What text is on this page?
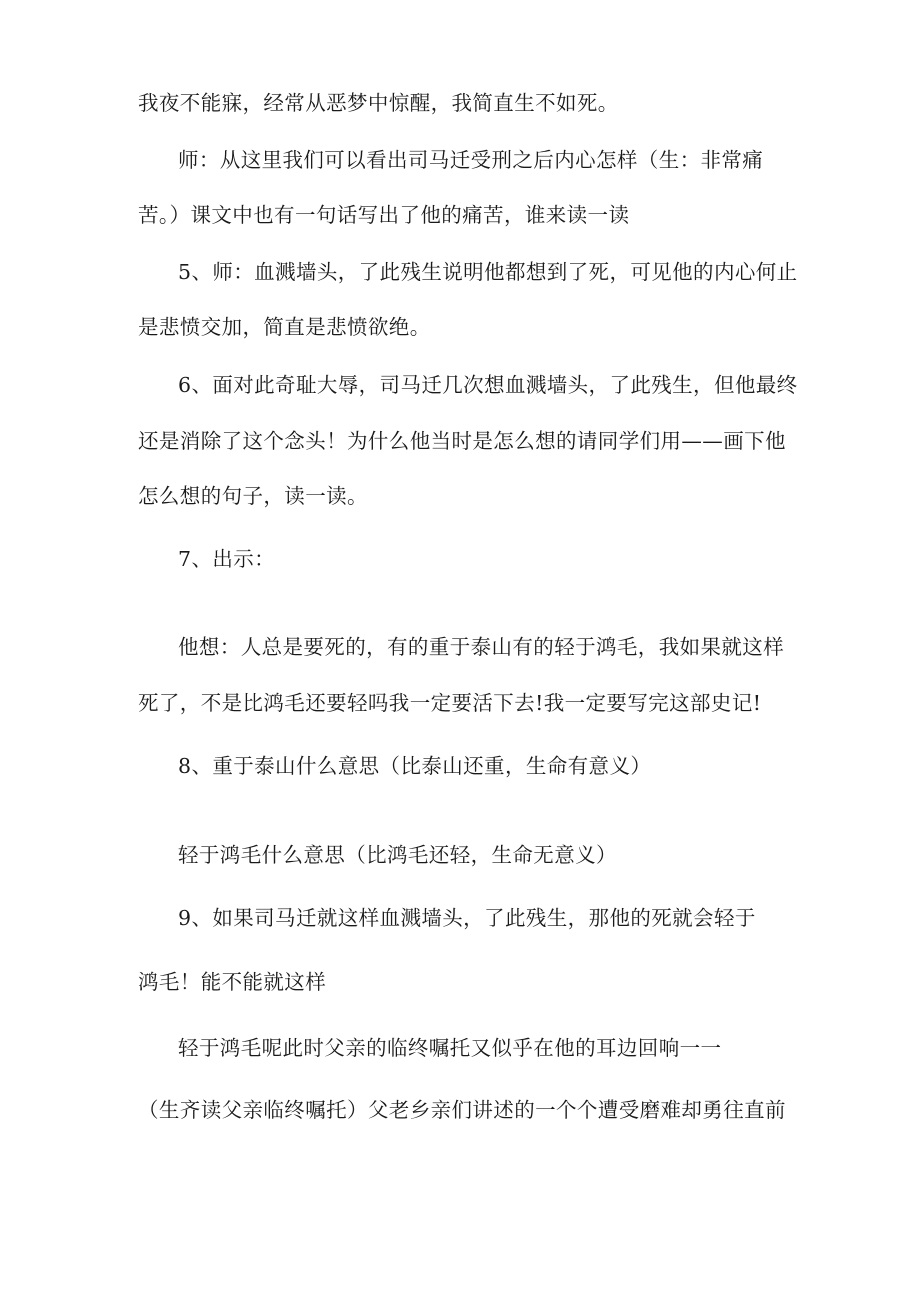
我夜不能寐，经常从恶梦中惊醒，我简直生不如死。
师：从这里我们可以看出司马迁受刑之后内心怎样（生：非常痛
苦。）课文中也有一句话写出了他的痛苦，谁来读一读
5、师：血溅墙头，了此残生说明他都想到了死，可见他的内心何止
是悲愤交加，简直是悲愤欲绝。
6、面对此奇耻大辱，司马迁几次想血溅墙头，了此残生，但他最终
还是消除了这个念头！为什么他当时是怎么想的请同学们用——画下他
怎么想的句子，读一读。
7、出示：
他想：人总是要死的，有的重于泰山有的轻于鸿毛，我如果就这样
死了，不是比鸿毛还要轻吗我一定要活下去!我一定要写完这部史记!
8、重于泰山什么意思（比泰山还重，生命有意义）
轻于鸿毛什么意思（比鸿毛还轻，生命无意义）
9、如果司马迁就这样血溅墙头，了此残生，那他的死就会轻于
鸿毛！能不能就这样
轻于鸿毛呢此时父亲的临终嘱托又似乎在他的耳边回响一一
（生齐读父亲临终嘱托）父老乡亲们讲述的一个个遭受磨难却勇往直前
